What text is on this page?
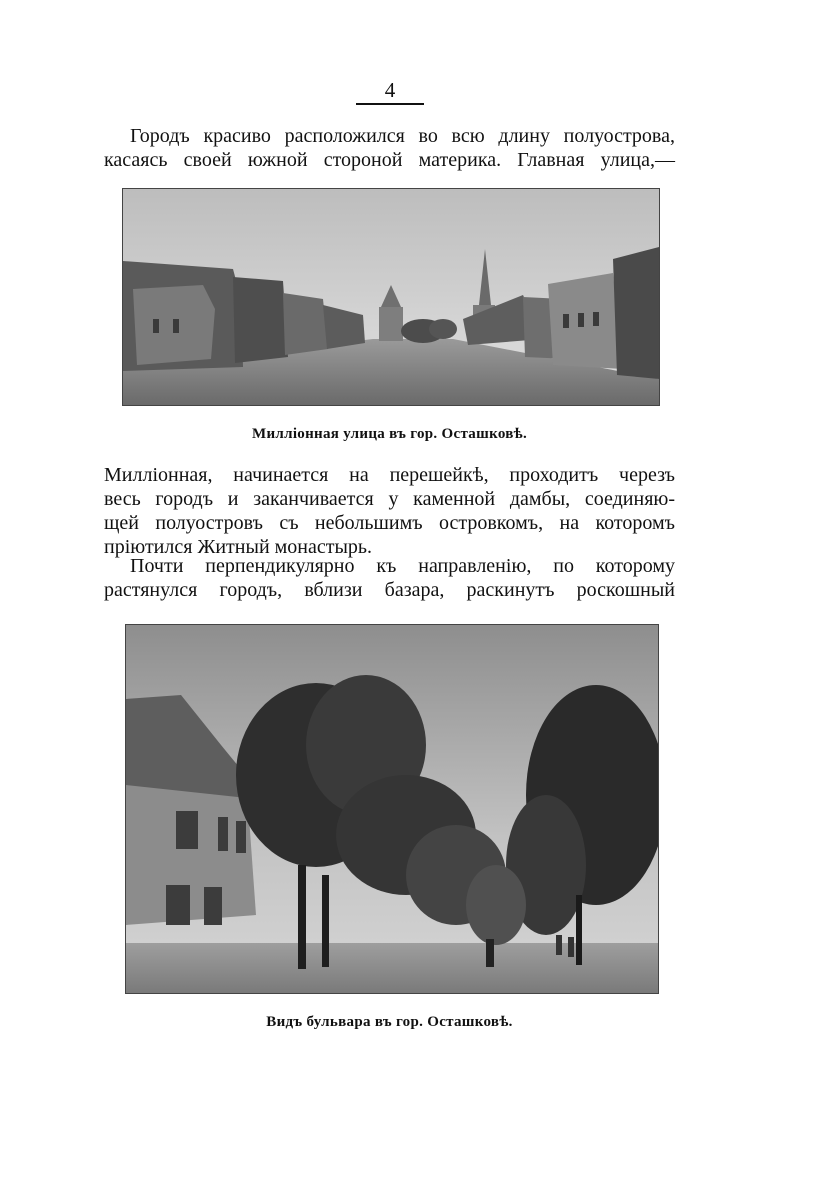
4
Городъ красиво расположился во всю длину полуострова,
касаясь своей южной стороной материка. Главная улица,—
Миллiонная улица въ гор. Осташковѣ.
Миллiонная, начинается на перешейкѣ, проходитъ черезъ
весь городъ и заканчивается у каменной дамбы, соединяю-
щей полуостровъ съ небольшимъ островкомъ, на которомъ
прiютился Житный монастырь.
Почти перпендикулярно къ направленiю, по которому
растянулся городъ, вблизи базара, раскинутъ роскошный
Видъ бульвара въ гор. Осташковѣ.
